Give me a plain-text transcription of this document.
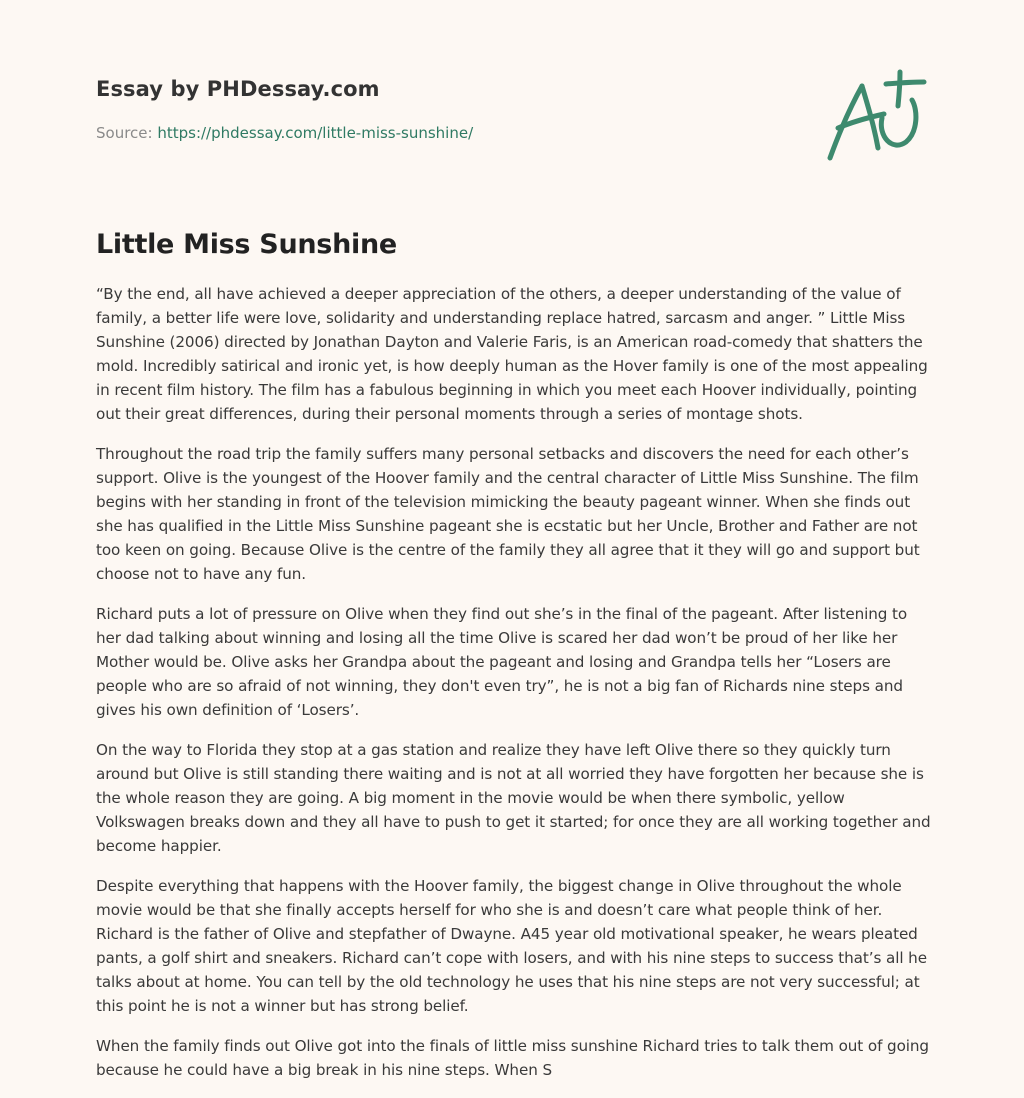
Essay by PHDessay.com
Source: https://phdessay.com/little-miss-sunshine/
Little Miss Sunshine

“By the end, all have achieved a deeper appreciation of the others, a deeper understanding of the value of family, a better life were love, solidarity and understanding replace hatred, sarcasm and anger. ” Little Miss Sunshine (2006) directed by Jonathan Dayton and Valerie Faris, is an American road-comedy that shatters the mold. Incredibly satirical and ironic yet, is how deeply human as the Hover family is one of the most appealing in recent film history. The film has a fabulous beginning in which you meet each Hoover individually, pointing out their great differences, during their personal moments through a series of montage shots.

Throughout the road trip the family suffers many personal setbacks and discovers the need for each other’s support. Olive is the youngest of the Hoover family and the central character of Little Miss Sunshine. The film begins with her standing in front of the television mimicking the beauty pageant winner. When she finds out she has qualified in the Little Miss Sunshine pageant she is ecstatic but her Uncle, Brother and Father are not too keen on going. Because Olive is the centre of the family they all agree that it they will go and support but choose not to have any fun.

Richard puts a lot of pressure on Olive when they find out she’s in the final of the pageant. After listening to her dad talking about winning and losing all the time Olive is scared her dad won’t be proud of her like her Mother would be. Olive asks her Grandpa about the pageant and losing and Grandpa tells her “Losers are people who are so afraid of not winning, they don't even try”, he is not a big fan of Richards nine steps and gives his own definition of ‘Losers’.

On the way to Florida they stop at a gas station and realize they have left Olive there so they quickly turn around but Olive is still standing there waiting and is not at all worried they have forgotten her because she is the whole reason they are going. A big moment in the movie would be when there symbolic, yellow Volkswagen breaks down and they all have to push to get it started; for once they are all working together and become happier.

Despite everything that happens with the Hoover family, the biggest change in Olive throughout the whole movie would be that she finally accepts herself for who she is and doesn’t care what people think of her. Richard is the father of Olive and stepfather of Dwayne. A45 year old motivational speaker, he wears pleated pants, a golf shirt and sneakers. Richard can’t cope with losers, and with his nine steps to success that’s all he talks about at home. You can tell by the old technology he uses that his nine steps are not very successful; at this point he is not a winner but has strong belief.

When the family finds out Olive got into the finals of little miss sunshine Richard tries to talk them out of going because he could have a big break in his nine steps. When S
